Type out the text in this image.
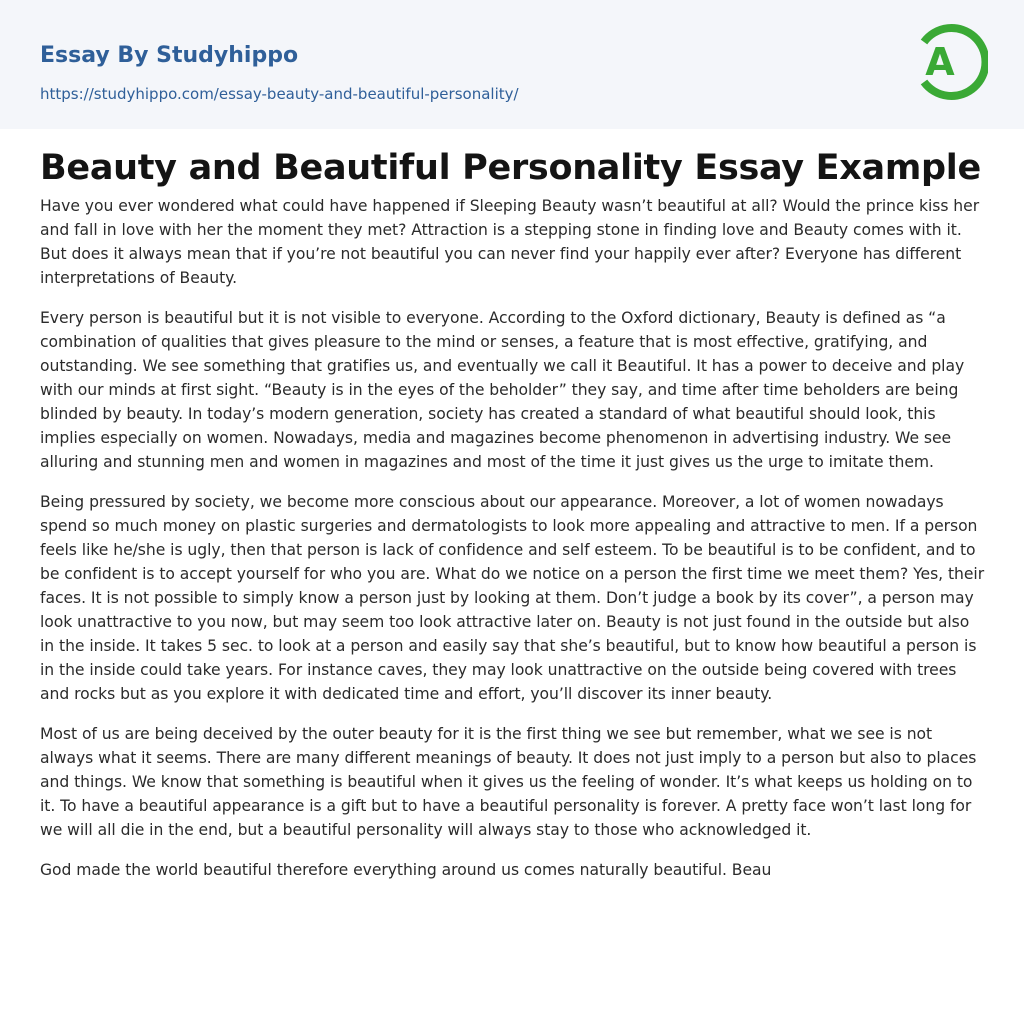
Essay By Studyhippo
https://studyhippo.com/essay-beauty-and-beautiful-personality/
A
Beauty and Beautiful Personality Essay Example

Have you ever wondered what could have happened if Sleeping Beauty wasn’t beautiful at all? Would the prince kiss her and fall in love with her the moment they met? Attraction is a stepping stone in finding love and Beauty comes with it. But does it always mean that if you’re not beautiful you can never find your happily ever after? Everyone has different interpretations of Beauty.

Every person is beautiful but it is not visible to everyone. According to the Oxford dictionary, Beauty is defined as “a combination of qualities that gives pleasure to the mind or senses, a feature that is most effective, gratifying, and outstanding. We see something that gratifies us, and eventually we call it Beautiful. It has a power to deceive and play with our minds at first sight. “Beauty is in the eyes of the beholder” they say, and time after time beholders are being blinded by beauty. In today’s modern generation, society has created a standard of what beautiful should look, this implies especially on women. Nowadays, media and magazines become phenomenon in advertising industry. We see alluring and stunning men and women in magazines and most of the time it just gives us the urge to imitate them.

Being pressured by society, we become more conscious about our appearance. Moreover, a lot of women nowadays spend so much money on plastic surgeries and dermatologists to look more appealing and attractive to men. If a person feels like he/she is ugly, then that person is lack of confidence and self esteem. To be beautiful is to be confident, and to be confident is to accept yourself for who you are. What do we notice on a person the first time we meet them? Yes, their faces. It is not possible to simply know a person just by looking at them. Don’t judge a book by its cover”, a person may look unattractive to you now, but may seem too look attractive later on. Beauty is not just found in the outside but also in the inside. It takes 5 sec. to look at a person and easily say that she’s beautiful, but to know how beautiful a person is in the inside could take years. For instance caves, they may look unattractive on the outside being covered with trees and rocks but as you explore it with dedicated time and effort, you’ll discover its inner beauty.

Most of us are being deceived by the outer beauty for it is the first thing we see but remember, what we see is not always what it seems. There are many different meanings of beauty. It does not just imply to a person but also to places and things. We know that something is beautiful when it gives us the feeling of wonder. It’s what keeps us holding on to it. To have a beautiful appearance is a gift but to have a beautiful personality is forever. A pretty face won’t last long for we will all die in the end, but a beautiful personality will always stay to those who acknowledged it.

God made the world beautiful therefore everything around us comes naturally beautiful. Beau
